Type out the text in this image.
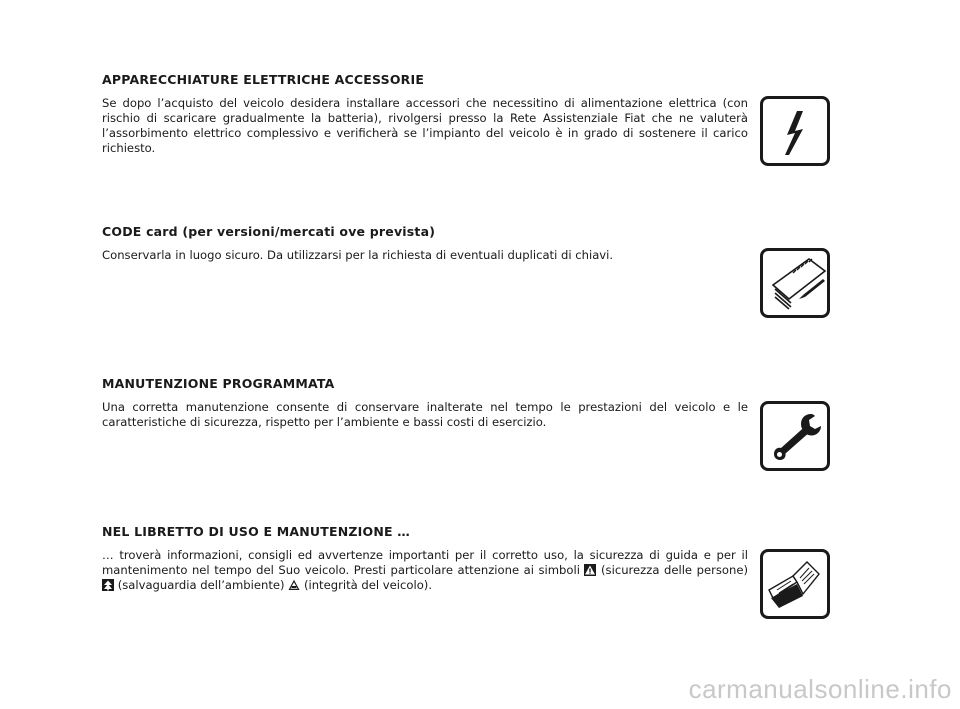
APPARECCHIATURE ELETTRICHE ACCESSORIE

Se dopo l’acquisto del veicolo desidera installare accessori che necessitino di alimentazione elettrica (con rischio di scaricare gradualmente la batteria), rivolgersi presso la Rete Assistenziale Fiat che ne valuterà l’assorbimento elettrico complessivo e verificherà se l’impianto del veicolo è in grado di sostenere il carico richiesto.

CODE card (per versioni/mercati ove prevista)

Conservarla in luogo sicuro. Da utilizzarsi per la richiesta di eventuali duplicati di chiavi.

MANUTENZIONE PROGRAMMATA

Una corretta manutenzione consente di conservare inalterate nel tempo le prestazioni del veicolo e le caratteristiche di sicurezza, rispetto per l’ambiente e bassi costi di esercizio.

NEL LIBRETTO DI USO E MANUTENZIONE …

… troverà informazioni, consigli ed avvertenze importanti per il corretto uso, la sicurezza di guida e per il mantenimento nel tempo del Suo veicolo. Presti particolare attenzione ai simboli (sicurezza delle persone)  (salvaguardia dell’ambiente) (integrità del veicolo).

carmanualsonline.info
